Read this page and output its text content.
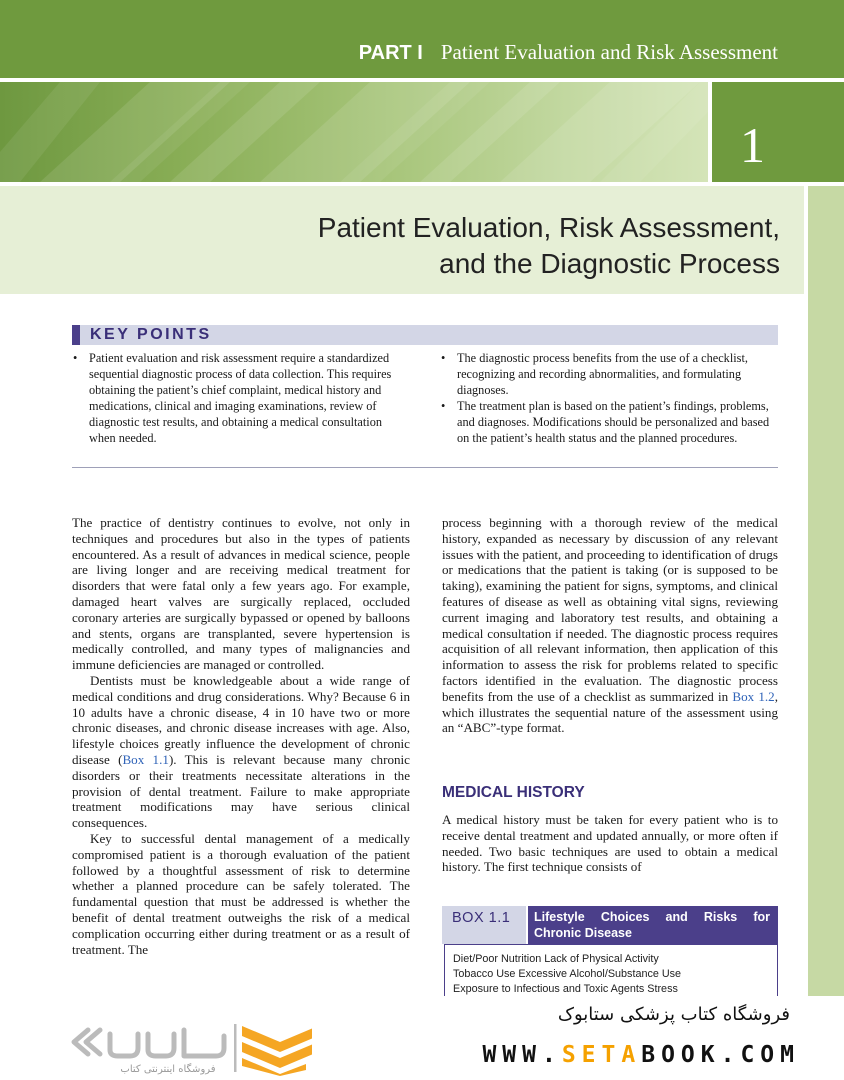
PART I Patient Evaluation and Risk Assessment
1
Patient Evaluation, Risk Assessment,
and the Diagnostic Process
KEY POINTS
• Patient evaluation and risk assessment require a standardized sequential diagnostic process of data collection. This requires obtaining the patient’s chief complaint, medical history and medications, clinical and imaging examinations, review of diagnostic test results, and obtaining a medical consultation when needed.
• The diagnostic process benefits from the use of a checklist, recognizing and recording abnormalities, and formulating diagnoses.
• The treatment plan is based on the patient’s findings, problems, and diagnoses. Modifications should be personalized and based on the patient’s health status and the planned procedures.

The practice of dentistry continues to evolve, not only in techniques and procedures but also in the types of patients encountered. As a result of advances in medical science, people are living longer and are receiving medical treatment for disorders that were fatal only a few years ago. For example, damaged heart valves are surgically replaced, occluded coronary arteries are surgically bypassed or opened by balloons and stents, organs are transplanted, severe hypertension is medically controlled, and many types of malignancies and immune deficiencies are managed or controlled.

Dentists must be knowledgeable about a wide range of medical conditions and drug considerations. Why? Because 6 in 10 adults have a chronic disease, 4 in 10 have two or more chronic diseases, and chronic disease increases with age. Also, lifestyle choices greatly influence the development of chronic disease (Box 1.1). This is relevant because many chronic disorders or their treatments necessitate alterations in the provision of dental treatment. Failure to make appropriate treatment modifications may have serious clinical consequences.

Key to successful dental management of a medically compromised patient is a thorough evaluation of the patient followed by a thoughtful assessment of risk to determine whether a planned procedure can be safely tolerated. The fundamental question that must be addressed is whether the benefit of dental treatment outweighs the risk of a medical complication occurring either during treatment or as a result of treatment. The

process beginning with a thorough review of the medical history, expanded as necessary by discussion of any relevant issues with the patient, and proceeding to identification of drugs or medications that the patient is taking (or is supposed to be taking), examining the patient for signs, symptoms, and clinical features of disease as well as obtaining vital signs, reviewing current imaging and laboratory test results, and obtaining a medical consultation if needed. The diagnostic process requires acquisition of all relevant information, then application of this information to assess the risk for problems related to specific factors identified in the evaluation. The diagnostic process benefits from the use of a checklist as summarized in Box 1.2, which illustrates the sequential nature of the assessment using an “ABC”-type format.

MEDICAL HISTORY

A medical history must be taken for every patient who is to receive dental treatment and updated annually, or more often if needed. Two basic techniques are used to obtain a medical history. The first technique consists of

BOX 1.1	Lifestyle Choices and Risks for
Chronic Disease
Diet/Poor Nutrition Lack of Physical Activity
Tobacco Use Excessive Alcohol/Substance Use
Exposure to Infectious and Toxic Agents Stress
فروشگاه اینترنتی کتاب
فروشگاه کتاب پزشکی ستابوک
WWW.SETABOOK.COM
